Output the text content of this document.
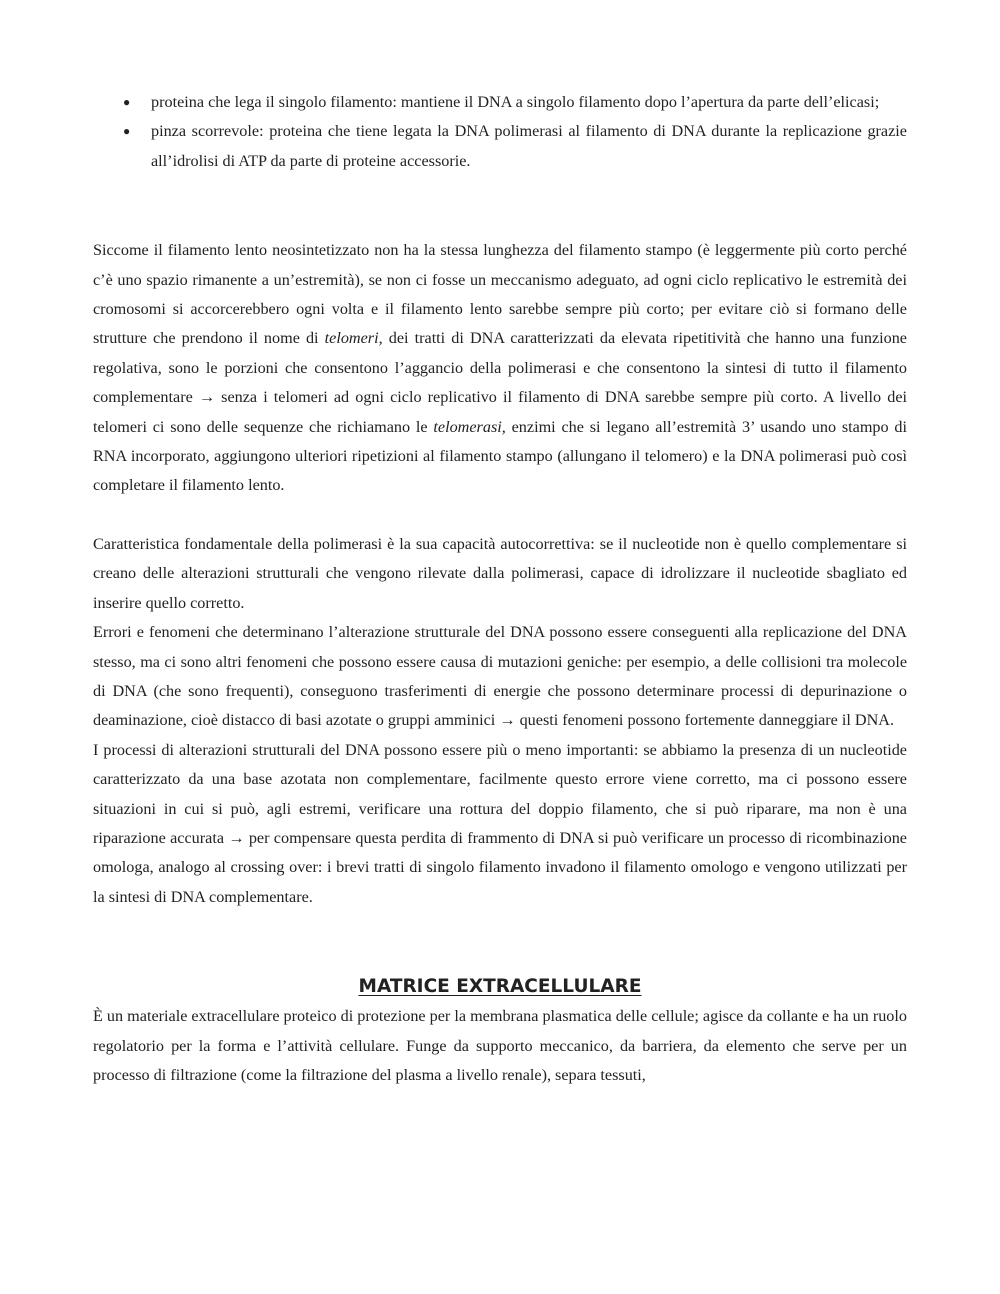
● proteina che lega il singolo filamento: mantiene il DNA a singolo filamento dopo l’apertura da parte dell’elicasi;
● pinza scorrevole: proteina che tiene legata la DNA polimerasi al filamento di DNA durante la replicazione grazie all’idrolisi di ATP da parte di proteine accessorie.

Siccome il filamento lento neosintetizzato non ha la stessa lunghezza del filamento stampo (è leggermente più corto perché c’è uno spazio rimanente a un’estremità), se non ci fosse un meccanismo adeguato, ad ogni ciclo replicativo le estremità dei cromosomi si accorcerebbero ogni volta e il filamento lento sarebbe sempre più corto; per evitare ciò si formano delle strutture che prendono il nome di telomeri, dei tratti di DNA caratterizzati da elevata ripetitività che hanno una funzione regolativa, sono le porzioni che consentono l’aggancio della polimerasi e che consentono la sintesi di tutto il filamento complementare → senza i telomeri ad ogni ciclo replicativo il filamento di DNA sarebbe sempre più corto. A livello dei telomeri ci sono delle sequenze che richiamano le telomerasi, enzimi che si legano all’estremità 3’ usando uno stampo di RNA incorporato, aggiungono ulteriori ripetizioni al filamento stampo (allungano il telomero) e la DNA polimerasi può così completare il filamento lento.

Caratteristica fondamentale della polimerasi è la sua capacità autocorrettiva: se il nucleotide non è quello complementare si creano delle alterazioni strutturali che vengono rilevate dalla polimerasi, capace di idrolizzare il nucleotide sbagliato ed inserire quello corretto.

Errori e fenomeni che determinano l’alterazione strutturale del DNA possono essere conseguenti alla replicazione del DNA stesso, ma ci sono altri fenomeni che possono essere causa di mutazioni geniche: per esempio, a delle collisioni tra molecole di DNA (che sono frequenti), conseguono trasferimenti di energie che possono determinare processi di depurinazione o deaminazione, cioè distacco di basi azotate o gruppi amminici → questi fenomeni possono fortemente danneggiare il DNA.

I processi di alterazioni strutturali del DNA possono essere più o meno importanti: se abbiamo la presenza di un nucleotide caratterizzato da una base azotata non complementare, facilmente questo errore viene corretto, ma ci possono essere situazioni in cui si può, agli estremi, verificare una rottura del doppio filamento, che si può riparare, ma non è una riparazione accurata → per compensare questa perdita di frammento di DNA si può verificare un processo di ricombinazione omologa, analogo al crossing over: i brevi tratti di singolo filamento invadono il filamento omologo e vengono utilizzati per la sintesi di DNA complementare.

MATRICE EXTRACELLULARE

È un materiale extracellulare proteico di protezione per la membrana plasmatica delle cellule; agisce da collante e ha un ruolo regolatorio per la forma e l’attività cellulare. Funge da supporto meccanico, da barriera, da elemento che serve per un processo di filtrazione (come la filtrazione del plasma a livello renale), separa tessuti,
